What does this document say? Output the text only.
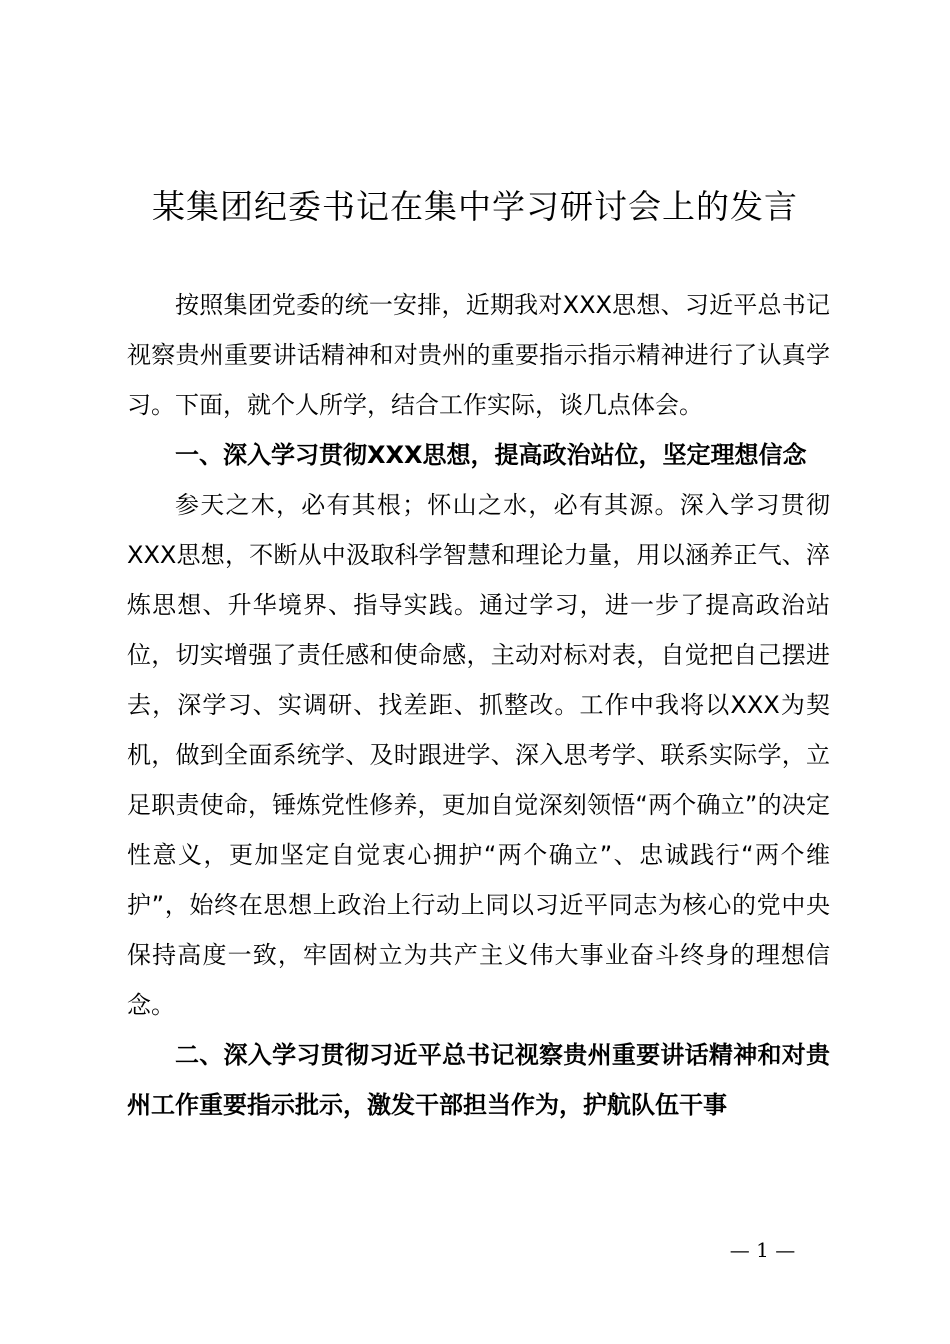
某集团纪委书记在集中学习研讨会上的发言

按照集团党委的统一安排，近期我对XXX思想、习近平总书记视察贵州重要讲话精神和对贵州的重要指示指示精神进行了认真学习。下面，就个人所学，结合工作实际，谈几点体会。

一、深入学习贯彻XXX思想，提高政治站位，坚定理想信念

参天之木，必有其根；怀山之水，必有其源。深入学习贯彻XXX思想，不断从中汲取科学智慧和理论力量，用以涵养正气、淬炼思想、升华境界、指导实践。通过学习，进一步了提高政治站位，切实增强了责任感和使命感，主动对标对表，自觉把自己摆进去，深学习、实调研、找差距、抓整改。工作中我将以XXX为契机，做到全面系统学、及时跟进学、深入思考学、联系实际学，立足职责使命，锤炼党性修养，更加自觉深刻领悟“两个确立”的决定性意义，更加坚定自觉衷心拥护“两个确立”、忠诚践行“两个维护”，始终在思想上政治上行动上同以习近平同志为核心的党中央保持高度一致，牢固树立为共产主义伟大事业奋斗终身的理想信念。

二、深入学习贯彻习近平总书记视察贵州重要讲话精神和对贵州工作重要指示批示，激发干部担当作为，护航队伍干事

— 1 —
